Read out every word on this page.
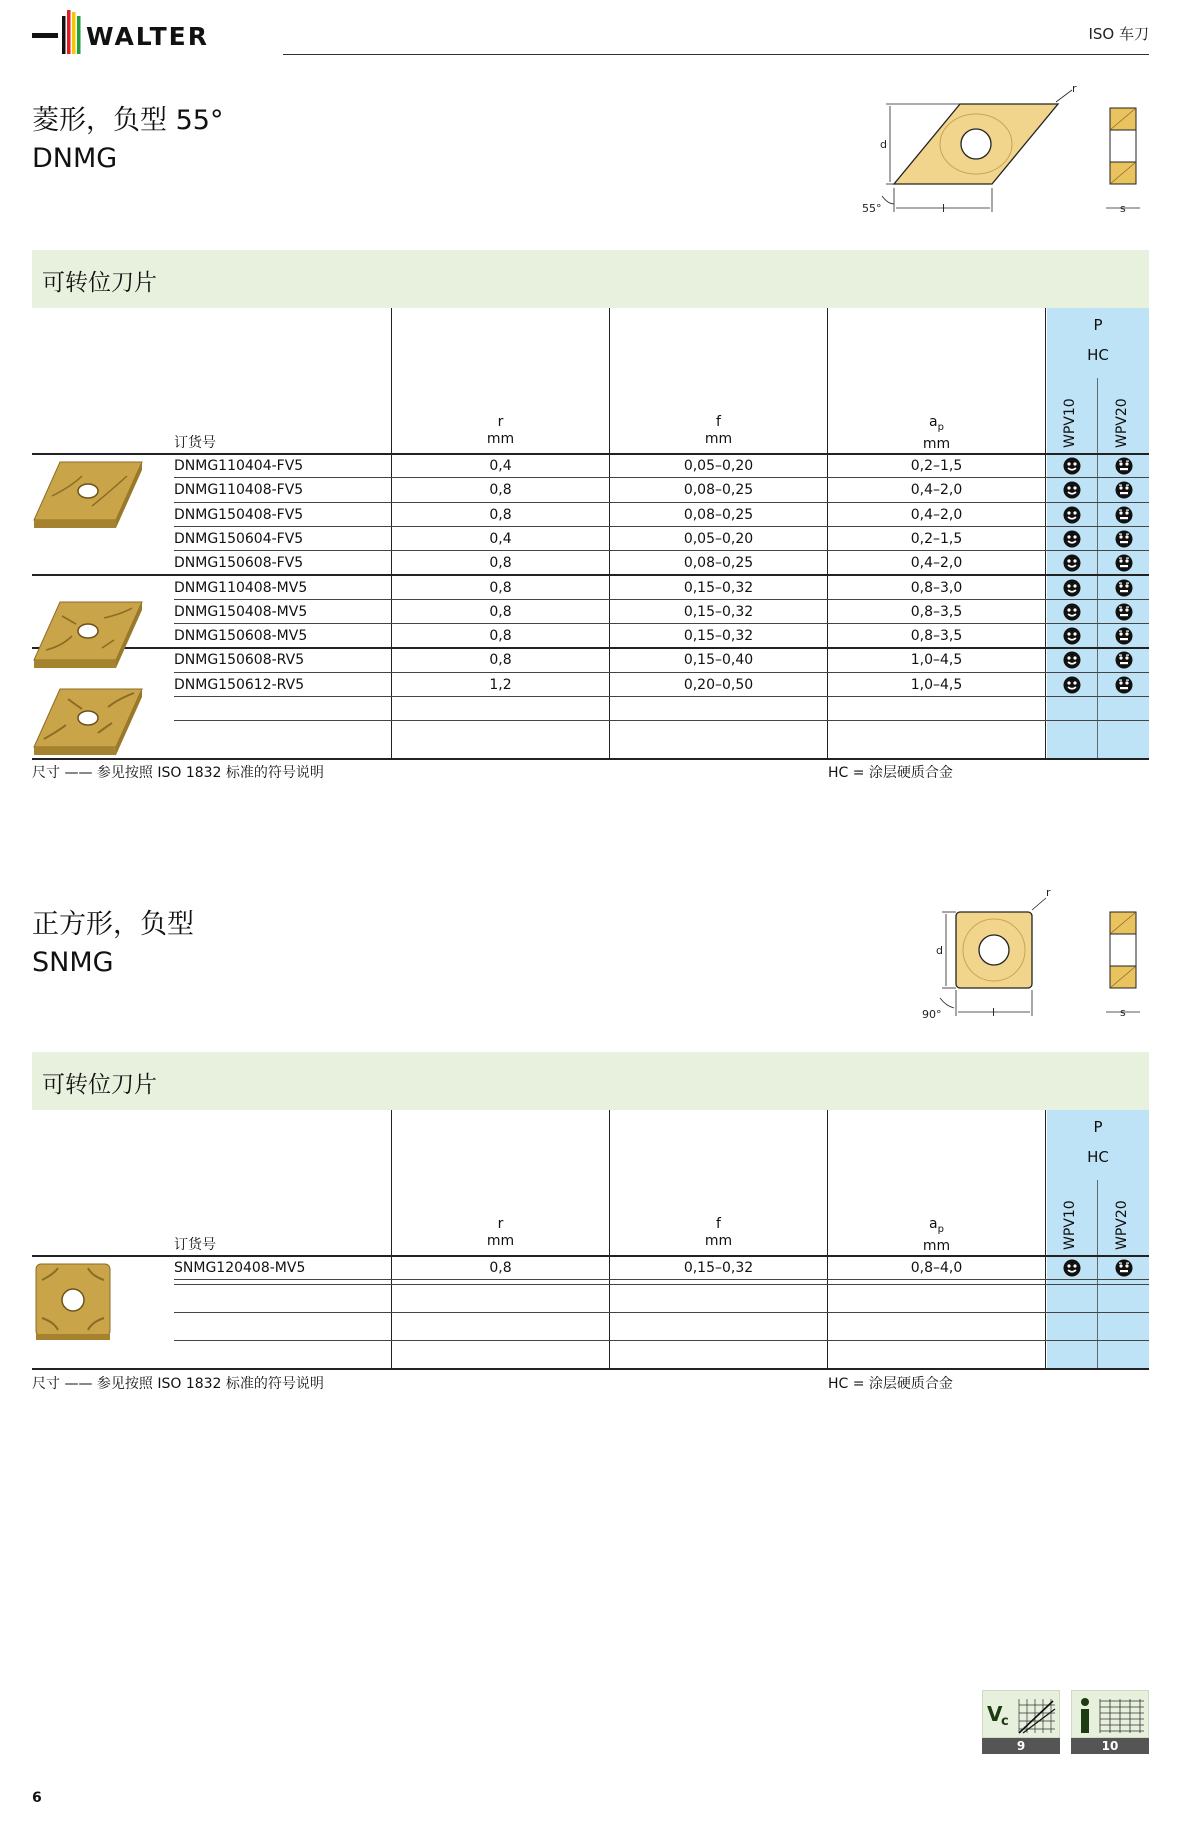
WALTER	ISO 车刀
菱形，负型 55°
DNMG	d
l
55°
r
s
可转位刀片
订货号
r
mm
f
mm
$a_p$
mm
P
HC
WPV10	WPV20
DNMG110404-FV5	0,4	0,05–0,20	0,2–1,5
DNMG110408-FV5	0,8	0,08–0,25	0,4–2,0
DNMG150408-FV5	0,8	0,08–0,25	0,4–2,0
DNMG150604-FV5	0,4	0,05–0,20	0,2–1,5
DNMG150608-FV5	0,8	0,08–0,25	0,4–2,0
DNMG110408-MV5	0,8	0,15–0,32	0,8–3,0
DNMG150408-MV5	0,8	0,15–0,32	0,8–3,5
DNMG150608-MV5	0,8	0,15–0,32	0,8–3,5
DNMG150608-RV5	0,8	0,15–0,40	1,0–4,5
DNMG150612-RV5	1,2	0,20–0,50	1,0–4,5
尺寸 —— 参见按照 ISO 1832 标准的符号说明	HC = 涂层硬质合金
正方形，负型
SNMG	d
l
90°
r
s
可转位刀片
订货号
r
mm
f
mm
$a_p$
mm
P
HC
WPV10	WPV20
SNMG120408-MV5	0,8	0,15–0,32	0,8–4,0
尺寸 —— 参见按照 ISO 1832 标准的符号说明	HC = 涂层硬质合金
V
c
9	10
6
